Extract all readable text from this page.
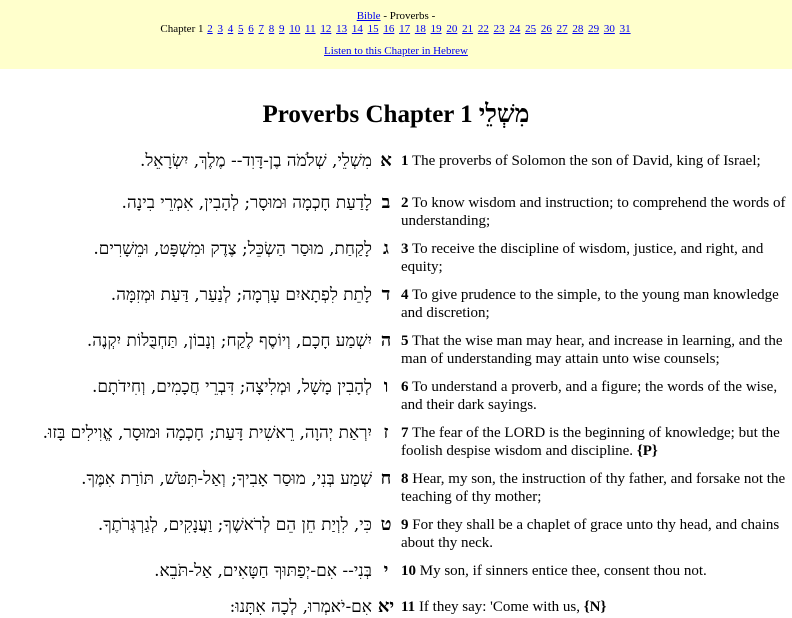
Bible - Proverbs -
Chapter 1 2 3 4 5 6 7 8 9 10 11 12 13 14 15 16 17 18 19 20 21 22 23 24 25 26 27 28 29 30 31
Listen to this Chapter in Hebrew
Proverbs Chapter 1 מִשְׁלֵי
מִשְׁלֵי, שְׁלֹמֹה בֶן-דָּוִד-- מֶלֶךְ, יִשְׂרָאֵל. א 1 The proverbs of Solomon the son of David, king of Israel;
לָדַעַת חָכְמָה וּמוּסָר; לְהָבִין, אִמְרֵי בִינָה. ב 2 To know wisdom and instruction; to comprehend the words of understanding;
לָקַחַת, מוּסַר הַשְׂכֵּל; צֶדֶק וּמִשְׁפָּט, וּמֵשָׁרִים. ג 3 To receive the discipline of wisdom, justice, and right, and equity;
לָתֵת לִפְתָאיִם עָרְמָה; לְנַעַר, דַּעַת וּמְזִמָּה. ד 4 To give prudence to the simple, to the young man knowledge and discretion;
יִשְׁמַע חָכָם, וְיוֹסֶף לֶקַח; וְנָבוֹן, תַּחְבֻּלוֹת יִקְנֶה. ה 5 That the wise man may hear, and increase in learning, and the man of understanding may attain unto wise counsels;
לְהָבִין מָשָׁל, וּמְלִיצָה; דִּבְרֵי חֲכָמִים, וְחִידֹתָם. ו 6 To understand a proverb, and a figure; the words of the wise, and their dark sayings.
יִרְאַת יְהוָה, רֵאשִׁית דָּעַת; חָכְמָה וּמוּסָר, אֱוִילִים בָּזוּ. ז 7 The fear of the LORD is the beginning of knowledge; but the foolish despise wisdom and discipline. {P}
שְׁמַע בְּנִי, מוּסַר אָבִיךָ; וְאַל-תִּטֹּשׁ, תּוֹרַת אִמֶּךָ. ח 8 Hear, my son, the instruction of thy father, and forsake not the teaching of thy mother;
כִּי, לִוְיַת חֵן הֵם לְרֹאשֶׁךָ; וַעֲנָקִים, לְגַרְגְּרֹתֶךָ. ט 9 For they shall be a chaplet of grace unto thy head, and chains about thy neck.
בְּנִי-- אִם-יְפַתּוּךָ חַטָּאִים, אַל-תֹּבֵא. י 10 My son, if sinners entice thee, consent thou not.
אִם-יֹאמְרוּ, לְכָה אִתָּנוּ: יא 11 If they say: 'Come with us, {N}
